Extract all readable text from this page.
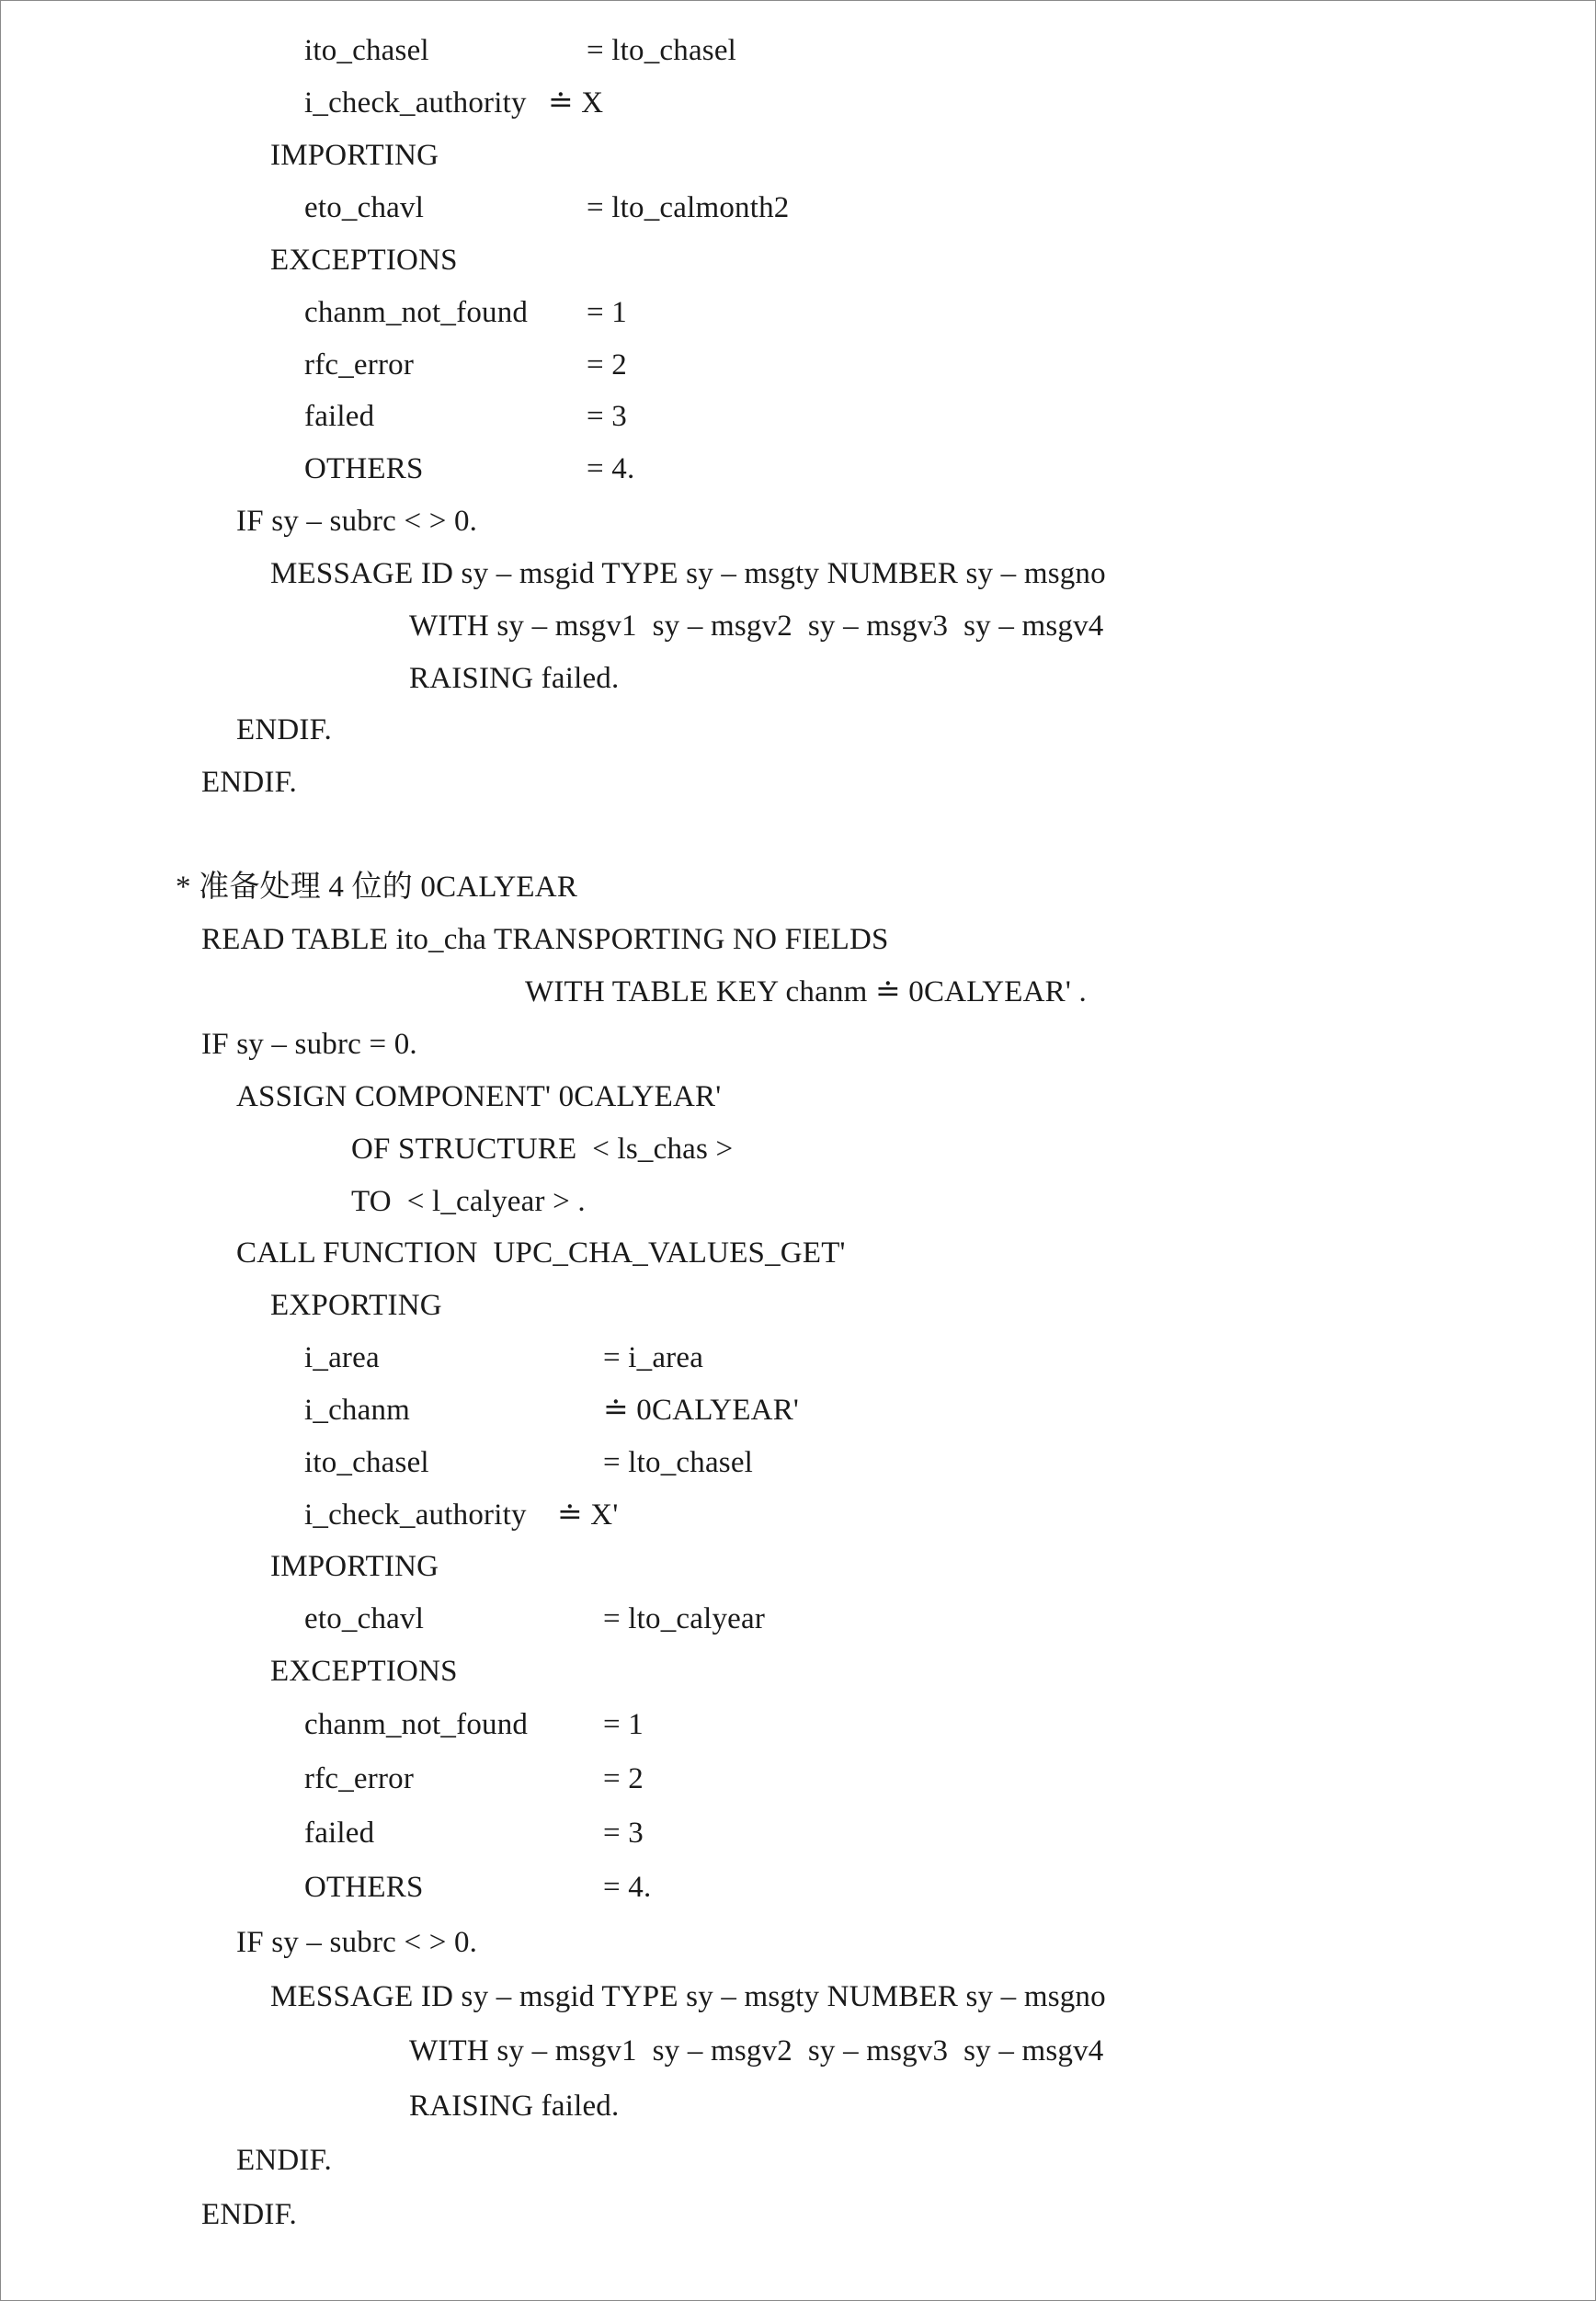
ito_chasel	= lto_chasel
i_check_authority ≐ X
IMPORTING
eto_chavl	= lto_calmonth2
EXCEPTIONS
chanm_not_found = 1
rfc_error	= 2
failed	= 3
OTHERS	= 4.
IF sy – subrc < > 0.
MESSAGE ID sy – msgid TYPE sy – msgty NUMBER sy – msgno
WITH sy – msgv1  sy – msgv2  sy – msgv3  sy – msgv4
RAISING failed.
ENDIF.
ENDIF.
* 准备处理 4 位的 0CALYEAR
READ TABLE ito_cha TRANSPORTING NO FIELDS
WITH TABLE KEY chanm ≐ 0CALYEAR' .
IF sy – subrc = 0.
ASSIGN COMPONENT' 0CALYEAR'
OF STRUCTURE  < ls_chas >
TO  < l_calyear > .
CALL FUNCTION  UPC_CHA_VALUES_GET'
EXPORTING
i_area	= i_area
i_chanm	≐ 0CALYEAR'
ito_chasel	= lto_chasel
i_check_authority ≐ X'
IMPORTING
eto_chavl	= lto_calyear
EXCEPTIONS
chanm_not_found = 1
rfc_error	= 2
failed	= 3
OTHERS	= 4.
IF sy – subrc < > 0.
MESSAGE ID sy – msgid TYPE sy – msgty NUMBER sy – msgno
WITH sy – msgv1  sy – msgv2  sy – msgv3  sy – msgv4
RAISING failed.
ENDIF.
ENDIF.
